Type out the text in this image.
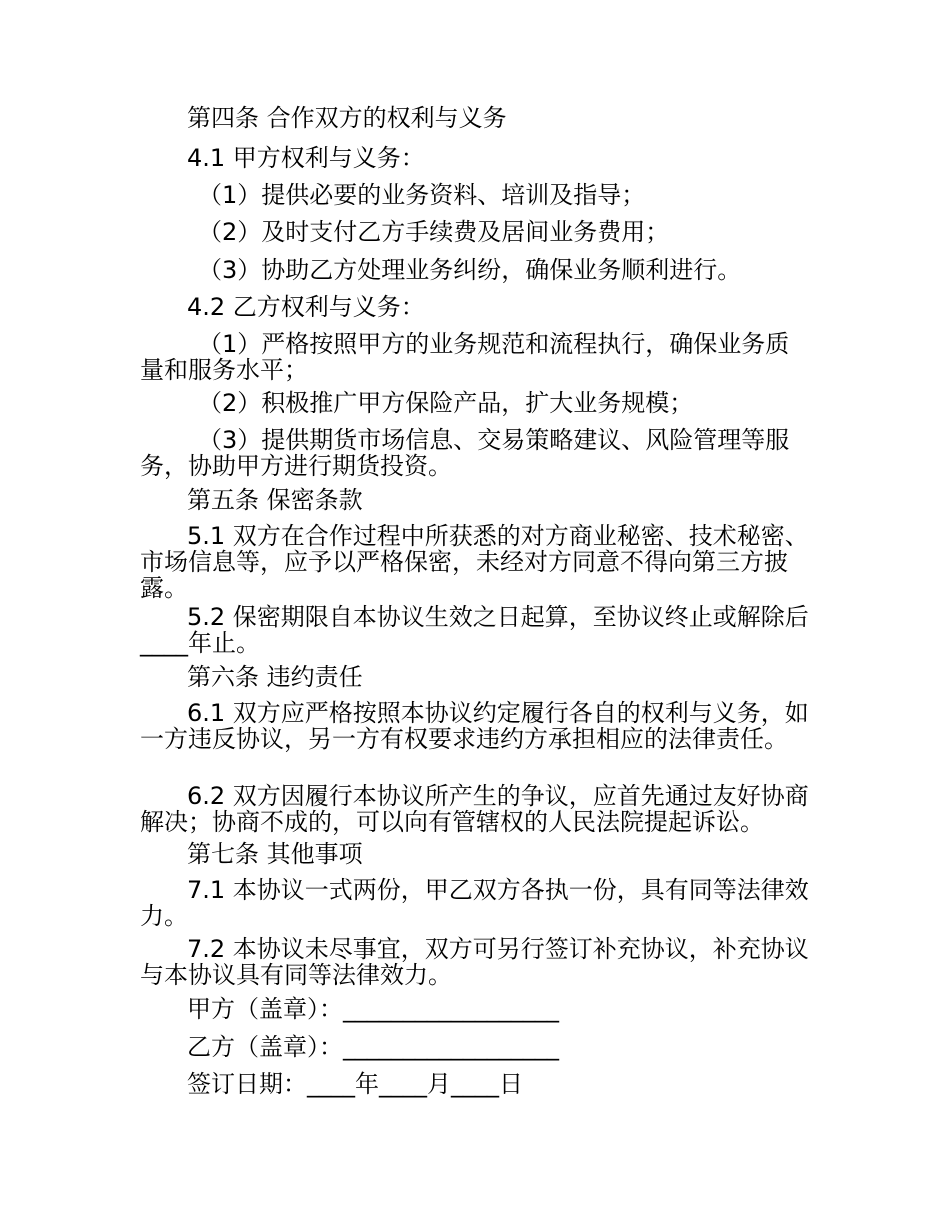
第四条 合作双方的权利与义务

4.1 甲方权利与义务：

（1）提供必要的业务资料、培训及指导；

（2）及时支付乙方手续费及居间业务费用；

（3）协助乙方处理业务纠纷，确保业务顺利进行。

4.2 乙方权利与义务：

（1）严格按照甲方的业务规范和流程执行，确保业务质量和服务水平；

（2）积极推广甲方保险产品，扩大业务规模；

（3）提供期货市场信息、交易策略建议、风险管理等服务，协助甲方进行期货投资。

第五条 保密条款

5.1 双方在合作过程中所获悉的对方商业秘密、技术秘密、市场信息等，应予以严格保密，未经对方同意不得向第三方披露。

5.2 保密期限自本协议生效之日起算，至协议终止或解除后____年止。

第六条 违约责任

6.1 双方应严格按照本协议约定履行各自的权利与义务，如一方违反协议，另一方有权要求违约方承担相应的法律责任。

6.2 双方因履行本协议所产生的争议，应首先通过友好协商解决；协商不成的，可以向有管辖权的人民法院提起诉讼。

第七条 其他事项

7.1 本协议一式两份，甲乙双方各执一份，具有同等法律效力。

7.2 本协议未尽事宜，双方可另行签订补充协议，补充协议与本协议具有同等法律效力。

甲方（盖章）：__________________

乙方（盖章）：__________________

签订日期：____年____月____日
